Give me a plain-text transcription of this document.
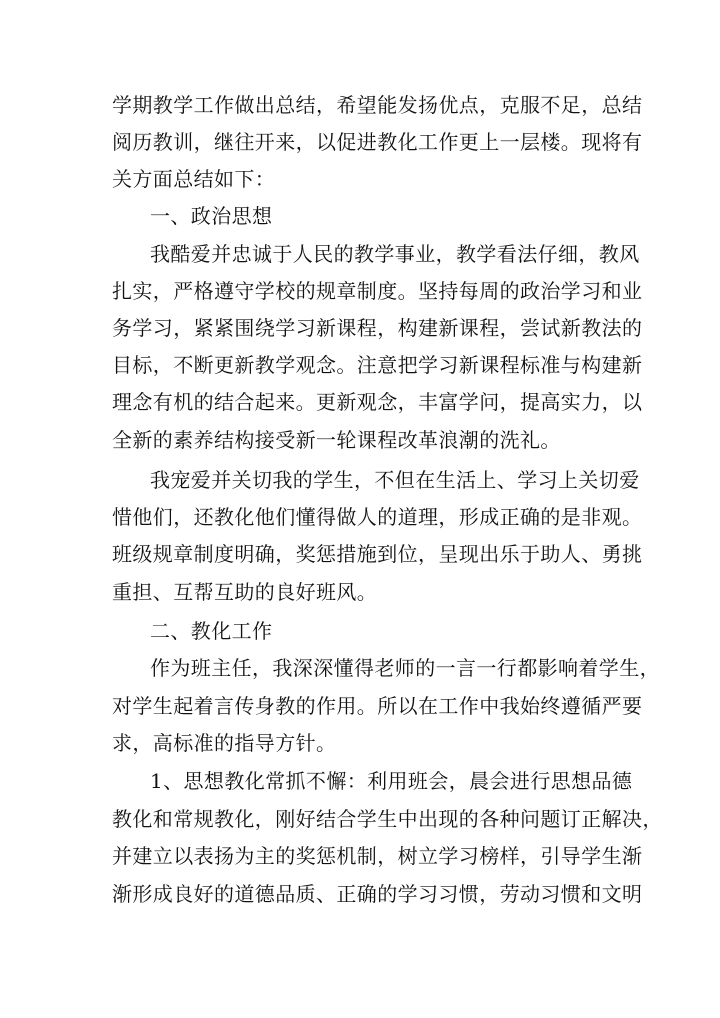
学期教学工作做出总结，希望能发扬优点，克服不足，总结
阅历教训，继往开来，以促进教化工作更上一层楼。现将有
关方面总结如下：
一、政治思想
我酷爱并忠诚于人民的教学事业，教学看法仔细，教风
扎实，严格遵守学校的规章制度。坚持每周的政治学习和业
务学习，紧紧围绕学习新课程，构建新课程，尝试新教法的
目标，不断更新教学观念。注意把学习新课程标准与构建新
理念有机的结合起来。更新观念，丰富学问，提高实力，以
全新的素养结构接受新一轮课程改革浪潮的洗礼。
我宠爱并关切我的学生，不但在生活上、学习上关切爱
惜他们，还教化他们懂得做人的道理，形成正确的是非观。
班级规章制度明确，奖惩措施到位，呈现出乐于助人、勇挑
重担、互帮互助的良好班风。
二、教化工作
作为班主任，我深深懂得老师的一言一行都影响着学生，
对学生起着言传身教的作用。所以在工作中我始终遵循严要
求，高标准的指导方针。
1、思想教化常抓不懈：利用班会，晨会进行思想品德
教化和常规教化，刚好结合学生中出现的各种问题订正解决，
并建立以表扬为主的奖惩机制，树立学习榜样，引导学生渐
渐形成良好的道德品质、正确的学习习惯，劳动习惯和文明
